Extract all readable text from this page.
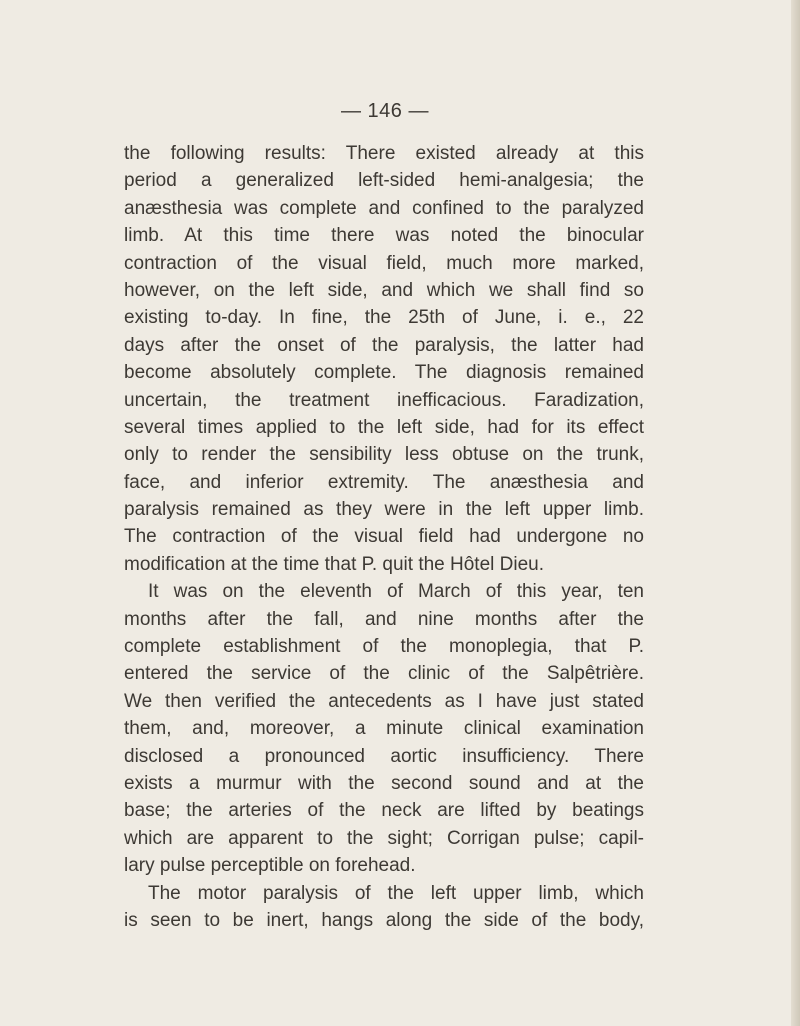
— 146 —
the following results: There existed already at this
period a generalized left-sided hemi-analgesia; the
anæsthesia was complete and confined to the paralyzed
limb. At this time there was noted the binocular
contraction of the visual field, much more marked,
however, on the left side, and which we shall find so
existing to-day. In fine, the 25th of June, i. e., 22
days after the onset of the paralysis, the latter had
become absolutely complete. The diagnosis remained
uncertain, the treatment inefficacious. Faradization,
several times applied to the left side, had for its effect
only to render the sensibility less obtuse on the trunk,
face, and inferior extremity. The anæsthesia and
paralysis remained as they were in the left upper limb.
The contraction of the visual field had undergone no
modification at the time that P. quit the Hôtel Dieu.
It was on the eleventh of March of this year, ten
months after the fall, and nine months after the
complete establishment of the monoplegia, that P.
entered the service of the clinic of the Salpêtrière.
We then verified the antecedents as I have just stated
them, and, moreover, a minute clinical examination
disclosed a pronounced aortic insufficiency. There
exists a murmur with the second sound and at the
base; the arteries of the neck are lifted by beatings
which are apparent to the sight; Corrigan pulse; capil-
lary pulse perceptible on forehead.
The motor paralysis of the left upper limb, which
is seen to be inert, hangs along the side of the body,
